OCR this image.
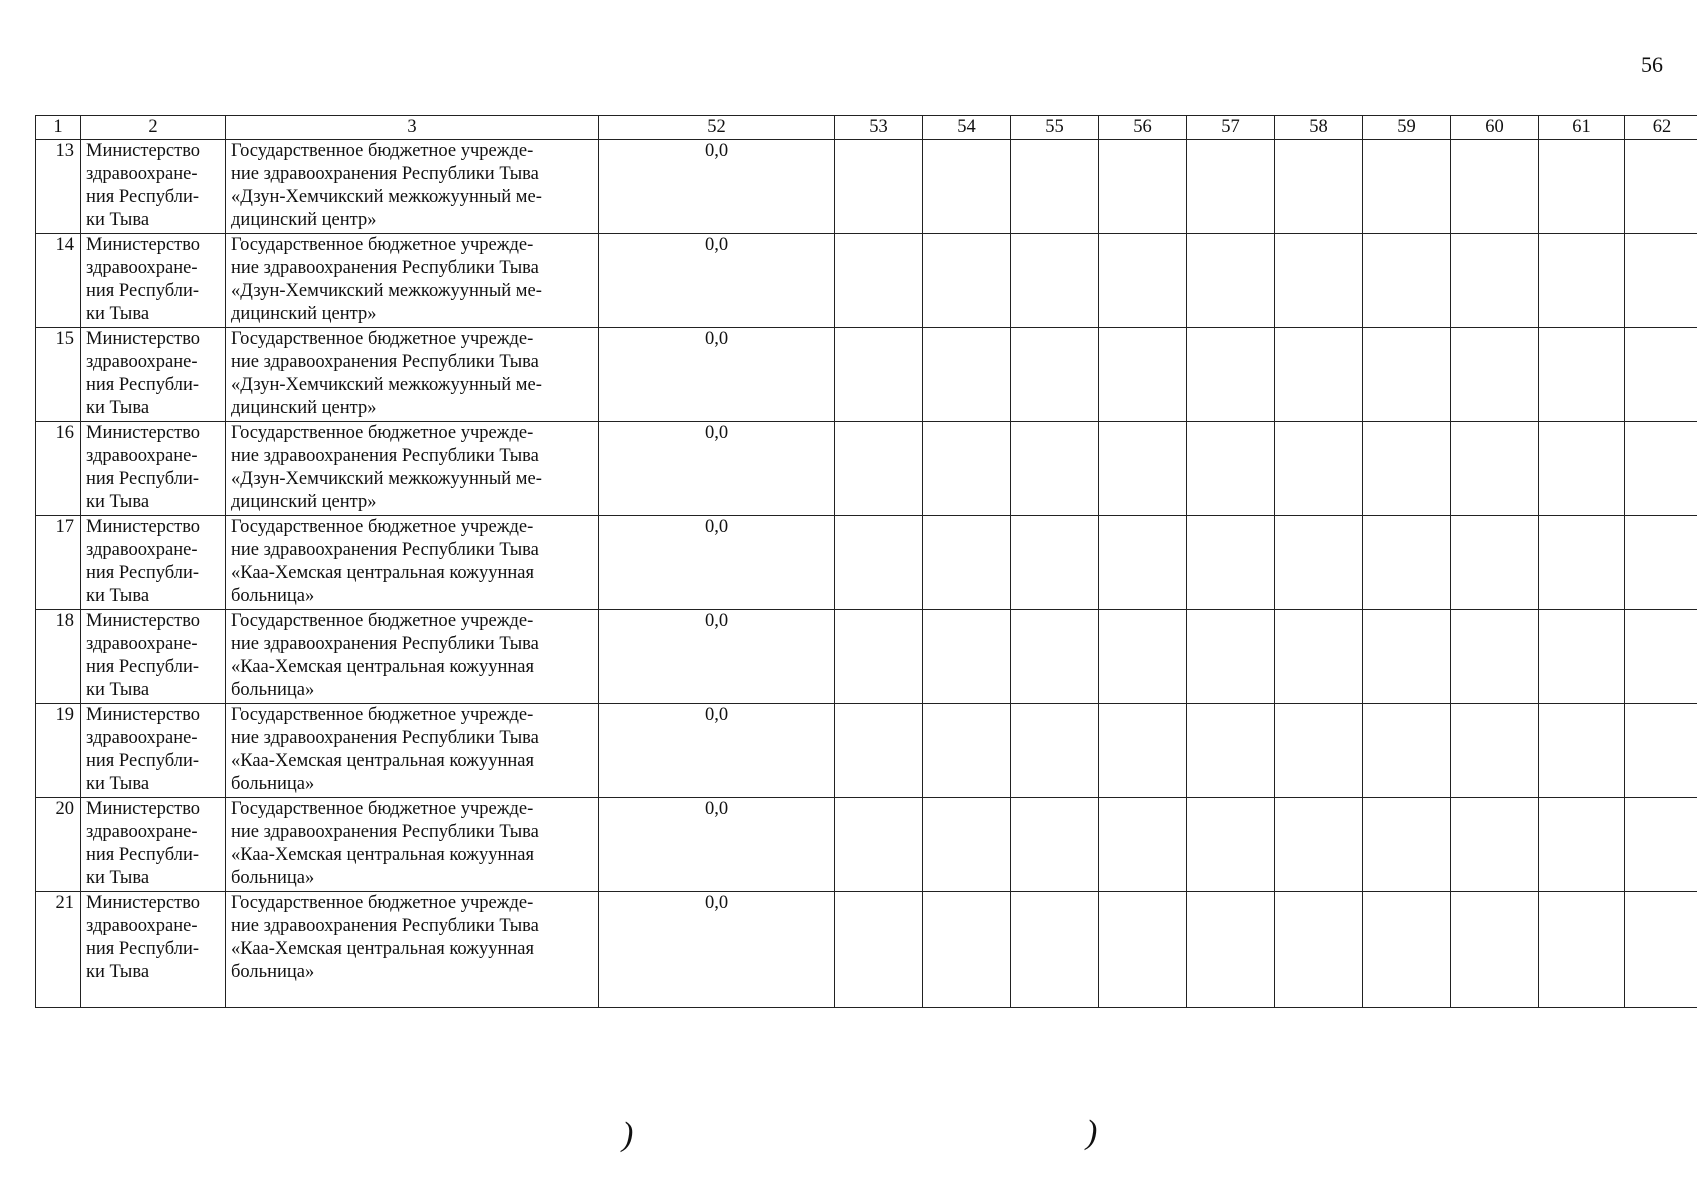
56
1	2	3	52	53	54	55	56	57	58	59	60	61	62
13	Министерство
здравоохране-
ния Республи-
ки Тыва	Государственное бюджетное учрежде-
ние здравоохранения Республики Тыва
«Дзун-Хемчикский межкожуунный ме-
дицинский центр»	0,0										
14	Министерство
здравоохране-
ния Республи-
ки Тыва	Государственное бюджетное учрежде-
ние здравоохранения Республики Тыва
«Дзун-Хемчикский межкожуунный ме-
дицинский центр»	0,0										
15	Министерство
здравоохране-
ния Республи-
ки Тыва	Государственное бюджетное учрежде-
ние здравоохранения Республики Тыва
«Дзун-Хемчикский межкожуунный ме-
дицинский центр»	0,0										
16	Министерство
здравоохране-
ния Республи-
ки Тыва	Государственное бюджетное учрежде-
ние здравоохранения Республики Тыва
«Дзун-Хемчикский межкожуунный ме-
дицинский центр»	0,0										
17	Министерство
здравоохране-
ния Республи-
ки Тыва	Государственное бюджетное учрежде-
ние здравоохранения Республики Тыва
«Каа-Хемская центральная кожуунная
больница»	0,0										
18	Министерство
здравоохране-
ния Республи-
ки Тыва	Государственное бюджетное учрежде-
ние здравоохранения Республики Тыва
«Каа-Хемская центральная кожуунная
больница»	0,0										
19	Министерство
здравоохране-
ния Республи-
ки Тыва	Государственное бюджетное учрежде-
ние здравоохранения Республики Тыва
«Каа-Хемская центральная кожуунная
больница»	0,0										
20	Министерство
здравоохране-
ния Республи-
ки Тыва	Государственное бюджетное учрежде-
ние здравоохранения Республики Тыва
«Каа-Хемская центральная кожуунная
больница»	0,0										
21	Министерство
здравоохране-
ния Республи-
ки Тыва	Государственное бюджетное учрежде-
ние здравоохранения Республики Тыва
«Каа-Хемская центральная кожуунная
больница»	0,0										
)	)
